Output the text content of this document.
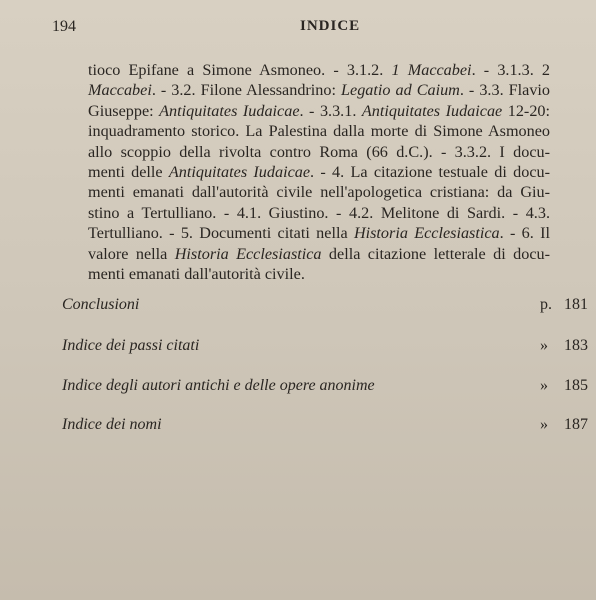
194	INDICE
tioco Epifane a Simone Asmoneo. - 3.1.2. 1 Maccabei. - 3.1.3. 2
Maccabei. - 3.2. Filone Alessandrino: Legatio ad Caium. - 3.3. Flavio
Giuseppe: Antiquitates Iudaicae. - 3.3.1. Antiquitates Iudaicae 12-20:
inquadramento storico. La Palestina dalla morte di Simone Asmoneo
allo scoppio della rivolta contro Roma (66 d.C.). - 3.3.2. I docu-
menti delle Antiquitates Iudaicae. - 4. La citazione testuale di docu-
menti emanati dall'autorità civile nell'apologetica cristiana: da Giu-
stino a Tertulliano. - 4.1. Giustino. - 4.2. Melitone di Sardi. - 4.3.
Tertulliano. - 5. Documenti citati nella Historia Ecclesiastica. - 6. Il
valore nella Historia Ecclesiastica della citazione letterale di docu-
menti emanati dall'autorità civile.
Conclusioni	p. 181
Indice dei passi citati	» 183
Indice degli autori antichi e delle opere anonime	» 185
Indice dei nomi	» 187
